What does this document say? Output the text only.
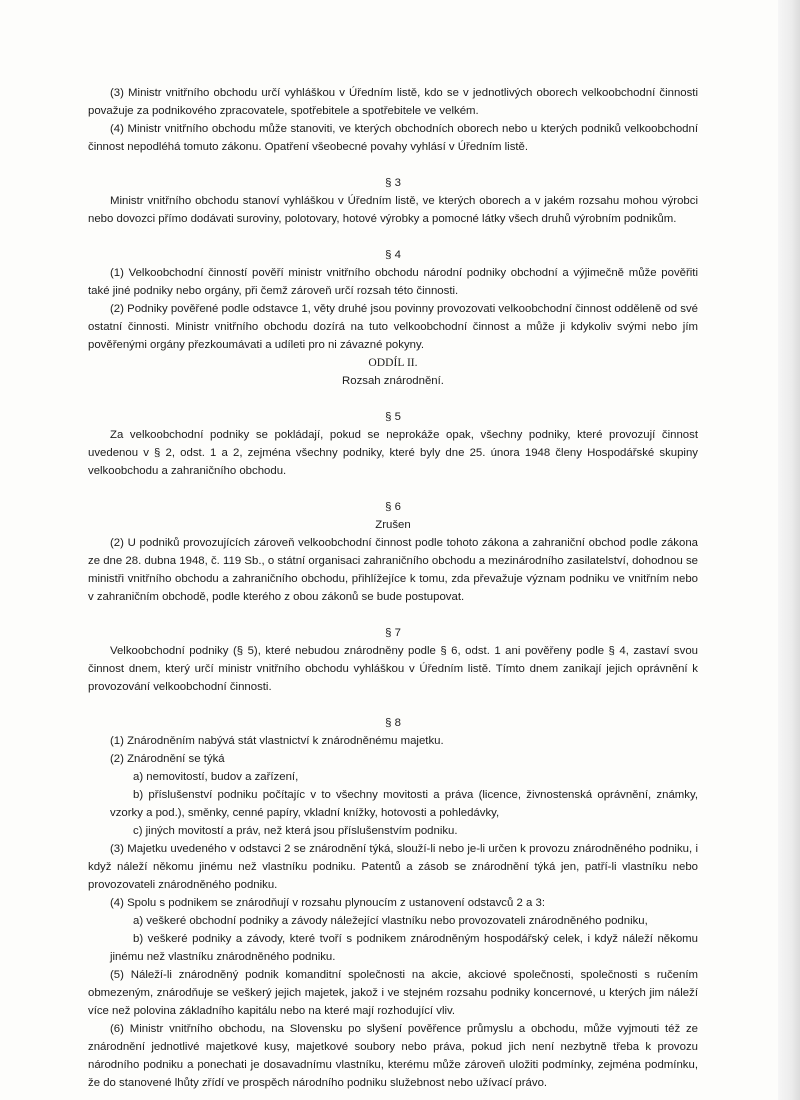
(3) Ministr vnitřního obchodu určí vyhláškou v Úředním listě, kdo se v jednotlivých oborech velkoobchodní činnosti považuje za podnikového zpracovatele, spotřebitele a spotřebitele ve velkém.

(4) Ministr vnitřního obchodu může stanoviti, ve kterých obchodních oborech nebo u kterých podniků velkoobchodní činnost nepodléhá tomuto zákonu. Opatření všeobecné povahy vyhlásí v Úředním listě.

§ 3

Ministr vnitřního obchodu stanoví vyhláškou v Úředním listě, ve kterých oborech a v jakém rozsahu mohou výrobci nebo dovozci přímo dodávati suroviny, polotovary, hotové výrobky a pomocné látky všech druhů výrobním podnikům.

§ 4

(1) Velkoobchodní činností pověří ministr vnitřního obchodu národní podniky obchodní a výjimečně může pověřiti také jiné podniky nebo orgány, při čemž zároveň určí rozsah této činnosti.

(2) Podniky pověřené podle odstavce 1, věty druhé jsou povinny provozovati velkoobchodní činnost odděleně od své ostatní činnosti. Ministr vnitřního obchodu dozírá na tuto velkoobchodní činnost a může ji kdykoliv svými nebo jím pověřenými orgány přezkoumávati a udíleti pro ni závazné pokyny.

ODDÍL II.

Rozsah znárodnění.

§ 5

Za velkoobchodní podniky se pokládají, pokud se neprokáže opak, všechny podniky, které provozují činnost uvedenou v § 2, odst. 1 a 2, zejména všechny podniky, které byly dne 25. února 1948 členy Hospodářské skupiny velkoobchodu a zahraničního obchodu.

§ 6

Zrušen

(2) U podniků provozujících zároveň velkoobchodní činnost podle tohoto zákona a zahraniční obchod podle zákona ze dne 28. dubna 1948, č. 119 Sb., o státní organisaci zahraničního obchodu a mezinárodního zasilatelství, dohodnou se ministři vnitřního obchodu a zahraničního obchodu, přihlížejíce k tomu, zda převažuje význam podniku ve vnitřním nebo v zahraničním obchodě, podle kterého z obou zákonů se bude postupovat.

§ 7

Velkoobchodní podniky (§ 5), které nebudou znárodněny podle § 6, odst. 1 ani pověřeny podle § 4, zastaví svou činnost dnem, který určí ministr vnitřního obchodu vyhláškou v Úředním listě. Tímto dnem zanikají jejich oprávnění k provozování velkoobchodní činnosti.

§ 8

(1) Znárodněním nabývá stát vlastnictví k znárodněnému majetku.

(2) Znárodnění se týká

a) nemovitostí, budov a zařízení,

b) příslušenství podniku počítajíc v to všechny movitosti a práva (licence, živnostenská oprávnění, známky, vzorky a pod.), směnky, cenné papíry, vkladní knížky, hotovosti a pohledávky,

c) jiných movitostí a práv, než která jsou příslušenstvím podniku.

(3) Majetku uvedeného v odstavci 2 se znárodnění týká, slouží-li nebo je-li určen k provozu znárodněného podniku, i když náleží někomu jinému než vlastníku podniku. Patentů a zásob se znárodnění týká jen, patří-li vlastníku nebo provozovateli znárodněného podniku.

(4) Spolu s podnikem se znárodňují v rozsahu plynoucím z ustanovení odstavců 2 a 3:

a) veškeré obchodní podniky a závody náležející vlastníku nebo provozovateli znárodněného podniku,

b) veškeré podniky a závody, které tvoří s podnikem znárodněným hospodářský celek, i když náleží někomu jinému než vlastníku znárodněného podniku.

(5) Náleží-li znárodněný podnik komanditní společnosti na akcie, akciové společnosti, společnosti s ručením obmezeným, znárodňuje se veškerý jejich majetek, jakož i ve stejném rozsahu podniky koncernové, u kterých jim náleží více než polovina základního kapitálu nebo na které mají rozhodující vliv.

(6) Ministr vnitřního obchodu, na Slovensku po slyšení pověřence průmyslu a obchodu, může vyjmouti též ze znárodnění jednotlivé majetkové kusy, majetkové soubory nebo práva, pokud jich není nezbytně třeba k provozu národního podniku a ponechati je dosavadnímu vlastníku, kterému může zároveň uložiti podmínky, zejména podmínku, že do stanovené lhůty zřídí ve prospěch národního podniku služebnost nebo užívací právo.
